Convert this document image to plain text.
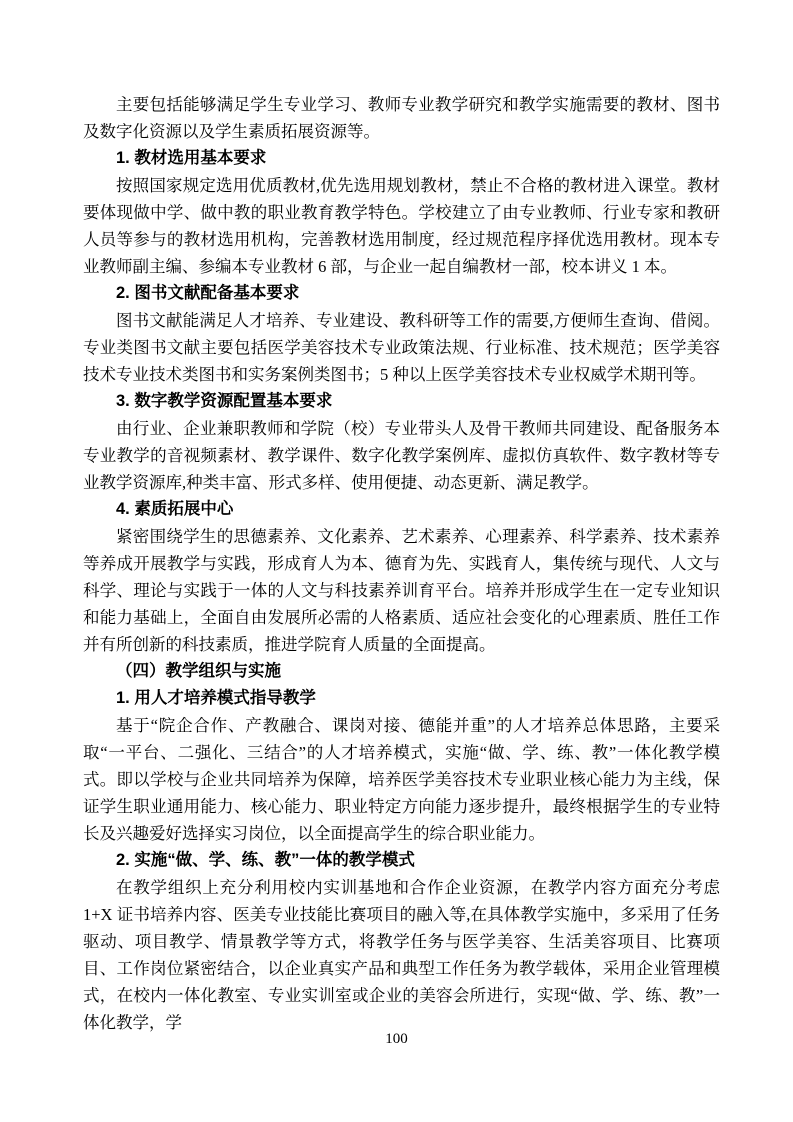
主要包括能够满足学生专业学习、教师专业教学研究和教学实施需要的教材、图书及数字化资源以及学生素质拓展资源等。

1. 教材选用基本要求

按照国家规定选用优质教材,优先选用规划教材，禁止不合格的教材进入课堂。教材要体现做中学、做中教的职业教育教学特色。学校建立了由专业教师、行业专家和教研人员等参与的教材选用机构，完善教材选用制度，经过规范程序择优选用教材。现本专业教师副主编、参编本专业教材 6 部，与企业一起自编教材一部，校本讲义 1 本。

2. 图书文献配备基本要求

图书文献能满足人才培养、专业建设、教科研等工作的需要,方便师生查询、借阅。专业类图书文献主要包括医学美容技术专业政策法规、行业标准、技术规范；医学美容技术专业技术类图书和实务案例类图书；5 种以上医学美容技术专业权威学术期刊等。

3. 数字教学资源配置基本要求

由行业、企业兼职教师和学院（校）专业带头人及骨干教师共同建设、配备服务本专业教学的音视频素材、教学课件、数字化教学案例库、虚拟仿真软件、数字教材等专业教学资源库,种类丰富、形式多样、使用便捷、动态更新、满足教学。

4. 素质拓展中心

紧密围绕学生的思德素养、文化素养、艺术素养、心理素养、科学素养、技术素养等养成开展教学与实践，形成育人为本、德育为先、实践育人，集传统与现代、人文与科学、理论与实践于一体的人文与科技素养训育平台。培养并形成学生在一定专业知识和能力基础上，全面自由发展所必需的人格素质、适应社会变化的心理素质、胜任工作并有所创新的科技素质，推进学院育人质量的全面提高。

（四）教学组织与实施

1. 用人才培养模式指导教学

基于“院企合作、产教融合、课岗对接、德能并重”的人才培养总体思路，主要采取“一平台、二强化、三结合”的人才培养模式，实施“做、学、练、教”一体化教学模式。即以学校与企业共同培养为保障，培养医学美容技术专业职业核心能力为主线，保证学生职业通用能力、核心能力、职业特定方向能力逐步提升，最终根据学生的专业特长及兴趣爱好选择实习岗位，以全面提高学生的综合职业能力。

2. 实施“做、学、练、教”一体的教学模式

在教学组织上充分利用校内实训基地和合作企业资源，在教学内容方面充分考虑 1+X 证书培养内容、医美专业技能比赛项目的融入等,在具体教学实施中，多采用了任务驱动、项目教学、情景教学等方式，将教学任务与医学美容、生活美容项目、比赛项目、工作岗位紧密结合，以企业真实产品和典型工作任务为教学载体，采用企业管理模式，在校内一体化教室、专业实训室或企业的美容会所进行，实现“做、学、练、教”一体化教学，学

100
